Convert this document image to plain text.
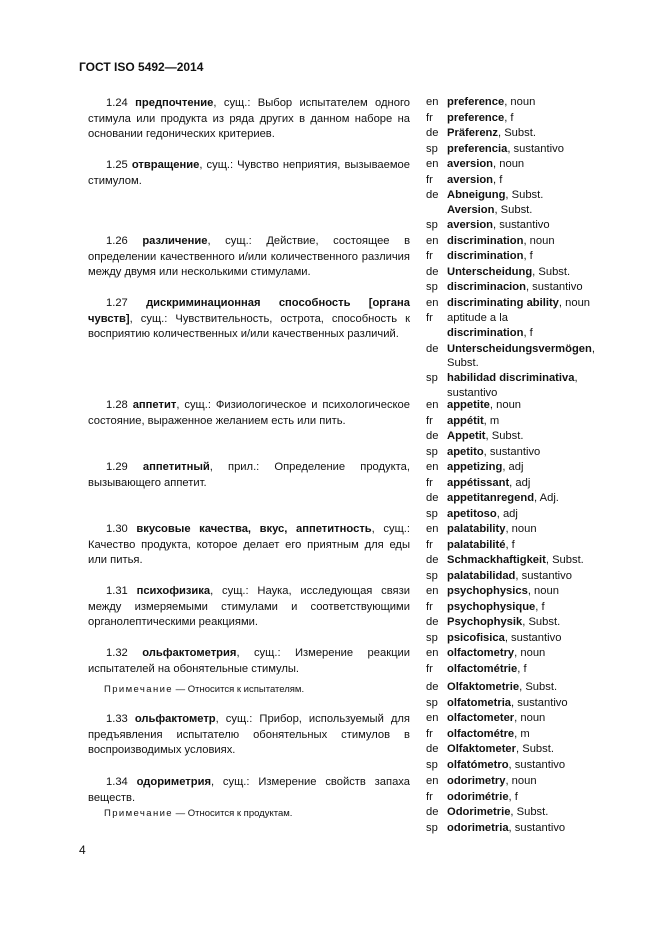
ГОСТ ISO 5492—2014
1.24 предпочтение, сущ.: Выбор испытателем одного стимула или продукта из ряда других в данном наборе на основании гедонических критериев.
1.25 отвращение, сущ.: Чувство неприятия, вызываемое стимулом.
1.26 различение, сущ.: Действие, состоящее в определении качественного и/или количественного различия между двумя или несколькими стимулами.
1.27 дискриминационная способность [органа чувств], сущ.: Чувствительность, острота, способность к восприятию количественных и/или качественных различий.
1.28 аппетит, сущ.: Физиологическое и психологическое состояние, выраженное желанием есть или пить.
1.29 аппетитный, прил.: Определение продукта, вызывающего аппетит.
1.30 вкусовые качества, вкус, аппетитность, сущ.: Качество продукта, которое делает его приятным для еды или питья.
1.31 психофизика, сущ.: Наука, исследующая связи между измеряемыми стимулами и соответствующими органолептическими реакциями.
1.32 ольфактометрия, сущ.: Измерение реакции испытателей на обонятельные стимулы.
Примечание — Относится к испытателям.
1.33 ольфактометр, сущ.: Прибор, используемый для предъявления испытателю обонятельных стимулов в воспроизводимых условиях.
1.34 одориметрия, сущ.: Измерение свойств запаха веществ.
Примечание — Относится к продуктам.
en preference, noun
fr preference, f
de Präferenz, Subst.
sp preferencia, sustantivo
en aversion, noun
fr aversion, f
de Abneigung, Subst.
Aversion, Subst.
sp aversion, sustantivo
en discrimination, noun
fr discrimination, f
de Unterscheidung, Subst.
sp discriminacion, sustantivo
en discriminating ability, noun
fr aptitude a la
discrimination, f
de Unterscheidungsvermögen,
Subst.
sp habilidad discriminativa,
sustantivo
en appetite, noun
fr appétit, m
de Appetit, Subst.
sp apetito, sustantivo
en appetizing, adj
fr appétissant, adj
de appetitanregend, Adj.
sp apetitoso, adj
en palatability, noun
fr palatabilité, f
de Schmackhaftigkeit, Subst.
sp palatabilidad, sustantivo
en psychophysics, noun
fr psychophysique, f
de Psychophysik, Subst.
sp psicofisica, sustantivo
en olfactometry, noun
fr olfactométrie, f
de Olfaktometrie, Subst.
sp olfatometria, sustantivo
en olfactometer, noun
fr olfactométre, m
de Olfaktometer, Subst.
sp olfatómetro, sustantivo
en odorimetry, noun
fr odorimétrie, f
de Odorimetrie, Subst.
sp odorimetria, sustantivo
4
